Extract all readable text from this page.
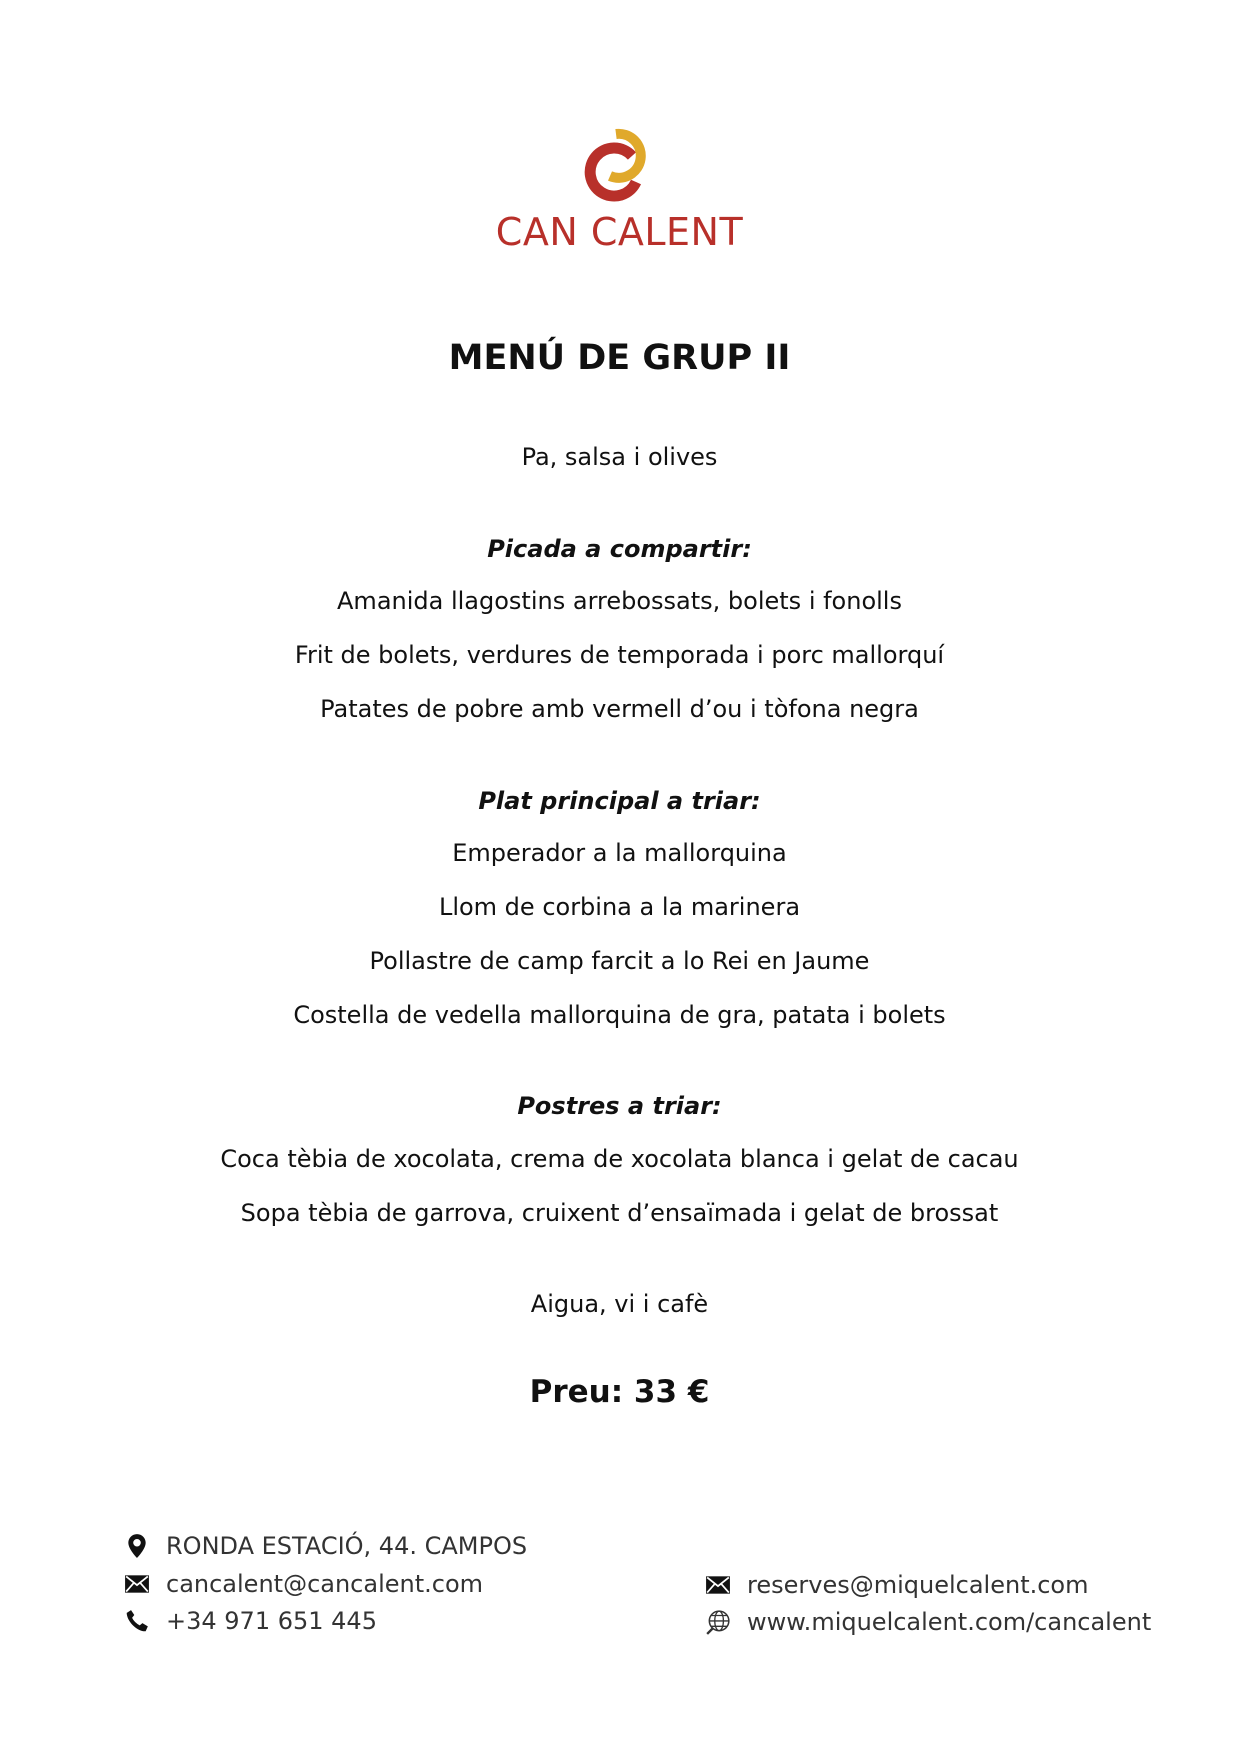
CAN CALENT
MENÚ DE GRUP II
Pa, salsa i olives
Picada a compartir:
Amanida llagostins arrebossats, bolets i fonolls
Frit de bolets, verdures de temporada i porc mallorquí
Patates de pobre amb vermell d’ou i tòfona negra
Plat principal a triar:
Emperador a la mallorquina
Llom de corbina a la marinera
Pollastre de camp farcit a lo Rei en Jaume
Costella de vedella mallorquina de gra, patata i bolets
Postres a triar:
Coca tèbia de xocolata, crema de xocolata blanca i gelat de cacau
Sopa tèbia de garrova, cruixent d’ensaïmada i gelat de brossat
Aigua, vi i cafè
Preu: 33 €
RONDA ESTACIÓ, 44. CAMPOS
cancalent@cancalent.com
+34 971 651 445
reserves@miquelcalent.com
www.miquelcalent.com/cancalent
